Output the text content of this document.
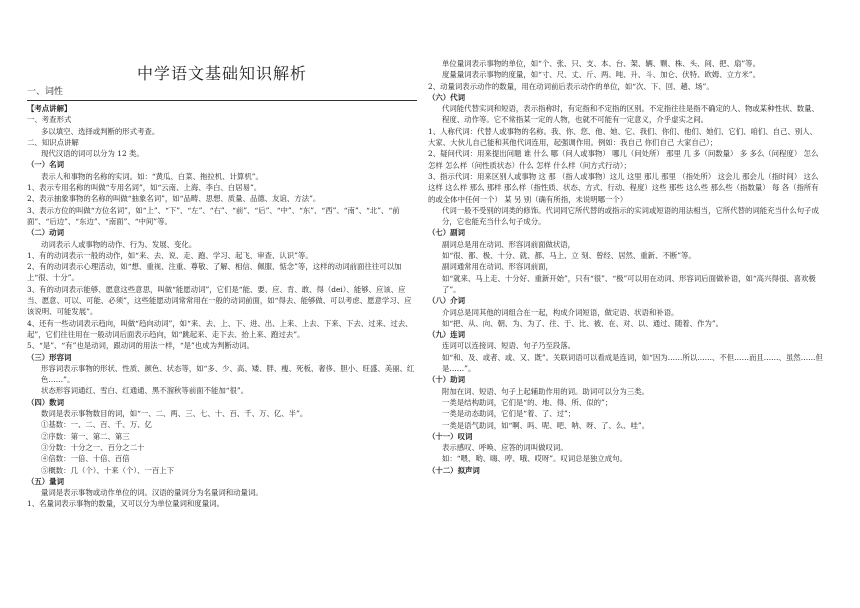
中学语文基础知识解析
一、词性

【考点讲解】

一、考查形式

多以填空、选择或判断的形式考查。

二、知识点讲解

现代汉语的词可以分为 12 类。

（一）名词

表示人和事物的名称的实词。如：“黄瓜、白菜、拖拉机、计算机”。

1、表示专用名称的叫做“专用名词”，如“云南、上海、李白、白居易”。

2、表示抽象事物的名称的叫做“抽象名词”，如“品畴、思想、质量、品德、友谊、方法”。

3、表示方位的叫做“方位名词”，如“上”、“下”、“左”、“右”、“前”、“后”、“中”、“东”、“西”、“南”、“北”、“前面”、“后边”、“东边”、“南面”、“中间”等。

（二）动词

动词表示人或事物的动作、行为、发展、变化。

1、有的动词表示一般的动作，如“来、去、说、走、跑、学习、起飞、审查、认识”等。

2、有的动词表示心理活动，如“想、重视、注重、尊敬、了解、相信、佩服、惦念”等，这样的动词前面往往可以加上“很、十分”。

3、有的动词表示能够、愿意这些意思，叫做“能愿动词”，它们是“能、要、应、肯、敢、得（dei）、能够、应该、应当、愿意、可以、可能、必须”，这些能愿动词常常用在一般的动词前面，如“得去、能够做、可以考虑、愿意学习、应该说明、可能发展”。

4、还有一些动词表示趋向，叫做“趋向动词”，如“来、去、上、下、进、出、上来、上去、下来、下去、过来、过去、起”，它们往往用在一般动词后面表示趋向，如“跳起来、走下去、抬上来、跑过去”。

5、“是”、“有”也是动词，跟动词的用法一样，“是”也成为判断动词。

（三）形容词

形容词表示事物的形状、性质、颜色、状态等，如“多、少、高、矮、胖、瘦、死板、奢侈、胆小、旺盛、美丽、红色……”。

状态形容词通红、雪白、红通通、黑不溜秋等前面不能加“很”。

（四）数词

数词是表示事物数目的词，如“一、二、两、三、七、十、百、千、万、亿、半”。

①基数：一、二、百、千、万、亿

②序数：第一、第二、第三

③分数：十分之一、百分之二十

④倍数：一倍、十倍、百倍

⑤概数：几（个）、十来（个）、一百上下

（五）量词

量词是表示事物或动作单位的词。汉语的量词分为名量词和动量词。

1、名量词表示事物的数量，又可以分为单位量词和度量词。

单位量词表示事物的单位，如“个、张、只、支、本、台、架、辆、颗、株、头、间、把、扇”等。

度量量词表示事物的度量，如“寸、尺、丈、斤、两、吨、升、斗、加仑、伏特、欧姆、立方米”。

2、动量词表示动作的数量，用在动词前后表示动作的单位，如“次、下、回、趟、场”。

（六）代词

代词能代替实词和短语，表示指称时，有定指和不定指的区别。不定指往往是指不确定的人、物或某种性状、数量、程度、动作等。它不常指某一定的人物，也就不可能有一定意义，介乎虚实之间。

1、人称代词：代替人或事物的名称。我、你、您、他、她、它、我们、你们、他们、她们、它们、咱们、自己、别人、大家、大伙儿自己能和其他代词连用，起强调作用。例如：我自己 你们自己 大家自己）；

2、疑问代词：用来提出问题 谁 什么 哪（问人或事物） 哪儿（问处所） 那里 几 多（问数量） 多 多么（问程度） 怎么 怎样 怎么样（问性质状态）什么 怎样 什么样（问方式行动）；

3、指示代词：用来区别人或事物 这 那 （指人或事物）这儿 这里 那儿 那里 （指处所） 这会儿 那会儿（指时间） 这么 这样 这么样 那么 那样 那么样（指性质、状态、方式、行动、程度）这些 那些 这么些 那么些（指数量） 每 各（指所有的或全体中任何一个） 某 另 别（确有所指，未说明哪一个）

代词一般不受别的词类的修饰。代词同它所代替的或指示的实词或短语的用法相当，它所代替的词能充当什么句子成分，它也能充当什么句子成分。

（七）副词

副词总是用在动词、形容词前面做状语，

如“很、都、极、十分、就、都、马上、立 刻、曾经、居然、重新、不断”等。

副词通常用在动词、形容词前面，

如“就来、马上走、十分好、重新开始”，只有“很”、“极”可以用在动词、形容词后面做补语，如“高兴得很、喜欢极了”。

（八）介词

介词总是同其他的词组合在一起，构成介词短语，做定语、状语和补语。

如“把、从、向、朝、为、为了、往、于、比、被、在、对、以、通过、随着、作为”。

（九）连词

连词可以连接词、短语、句子乃至段落。

如“和、及、或者、或、又、既”。关联词语可以看成是连词，如“因为……所以……、不但……而且……、虽然……但是……”。

（十）助词

附加在词、短语、句子上起辅助作用的词。助词可以分为三类。

一类是结构助词，它们是“的、地、得、所、似的”；

一类是动态助词，它们是“着、了、过”；

一类是语气助词，如“啊、吗、呢、吧、呐、呀、了、么、哇”。

（十一）叹词

表示感叹、呼唤、应答的词叫做叹词。

如：“喂、哟、嗨、哼、哦、哎呀”。叹词总是独立成句。

（十二）拟声词
